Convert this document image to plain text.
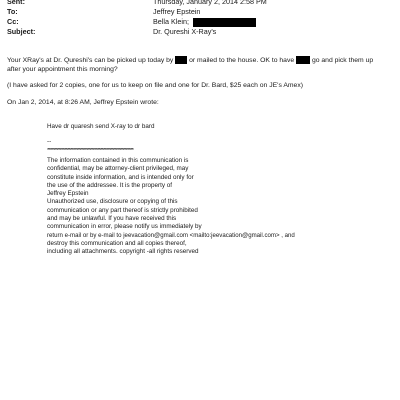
Sent:	Thursday, January 2, 2014 2:58 PM
To:	Jeffrey Epstein
Cc:	Bella Klein;
Subject:	Dr. Qureshi X-Ray's
Your XRay's at Dr. Qureshi's can be picked up today by or mailed to the house. OK to have	go and pick them up
after your appointment this morning?
(I have asked for 2 copies, one for us to keep on file and one for Dr. Bard, $25 each on JE's Amex)
On Jan 2, 2014, at 8:26 AM, Jeffrey Epstein wrote:
Have dr quaresh send X-ray to dr bard
--
************************************************************
The information contained in this communication is
confidential, may be attorney-client privileged, may
constitute inside information, and is intended only for
the use of the addressee. It is the property of
Jeffrey Epstein
Unauthorized use, disclosure or copying of this
communication or any part thereof is strictly prohibited
and may be unlawful. If you have received this
communication in error, please notify us immediately by
return e-mail or by e-mail to jeevacation@gmail.com <mailto:jeevacation@gmail.com> , and
destroy this communication and all copies thereof,
including all attachments. copyright -all rights reserved
